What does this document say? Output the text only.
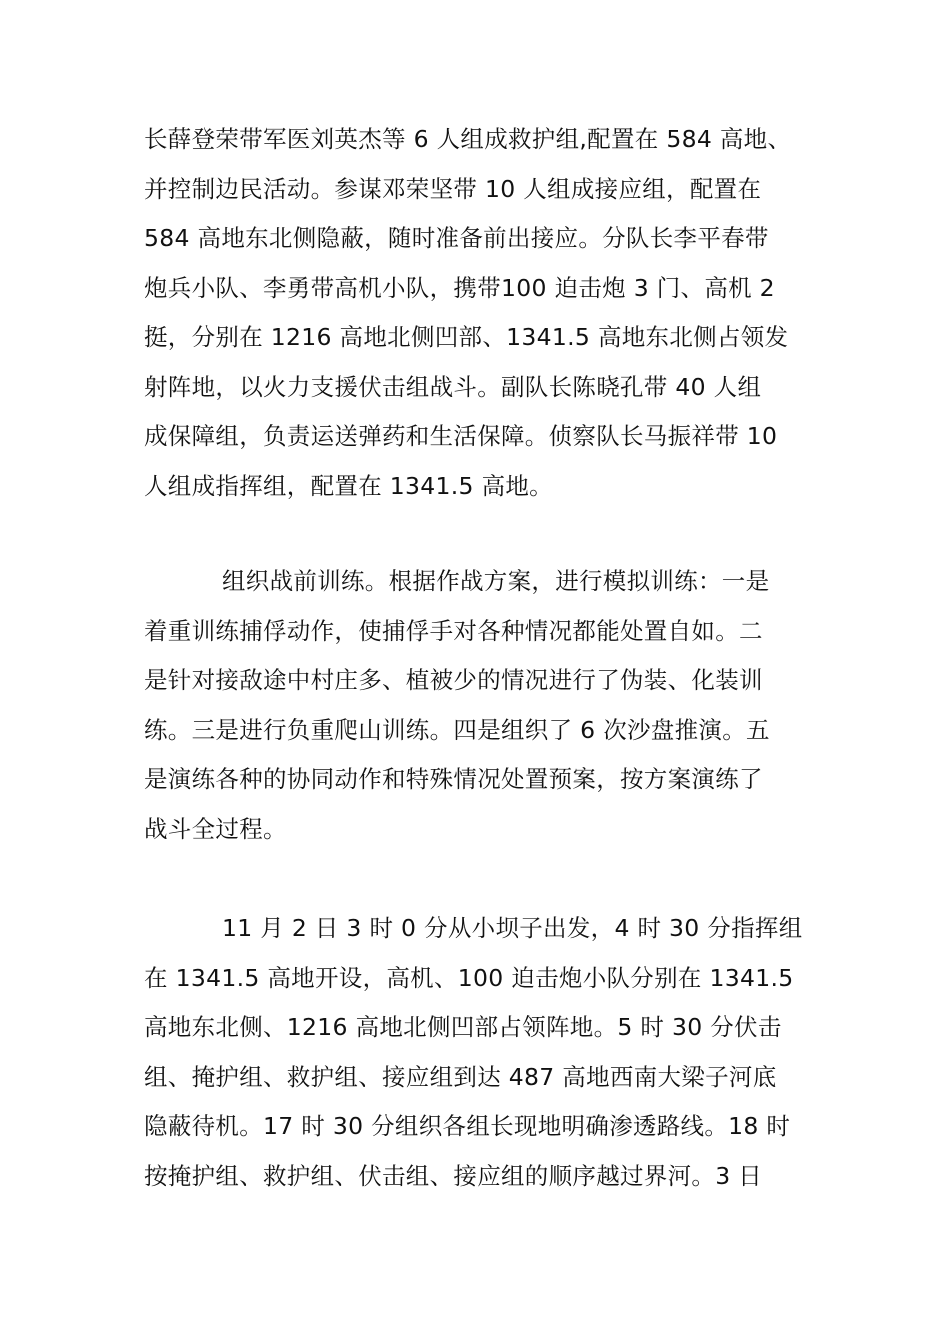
长薛登荣带军医刘英杰等 6 人组成救护组,配置在 584 高地、
并控制边民活动。参谋邓荣坚带 10 人组成接应组，配置在
584 高地东北侧隐蔽，随时准备前出接应。分队长李平春带
炮兵小队、李勇带高机小队，携带100 迫击炮 3 门、高机 2
挺，分别在 1216 高地北侧凹部、1341.5 高地东北侧占领发
射阵地，以火力支援伏击组战斗。副队长陈晓孔带 40 人组
成保障组，负责运送弹药和生活保障。侦察队长马振祥带 10
人组成指挥组，配置在 1341.5 高地。
组织战前训练。根据作战方案，进行模拟训练：一是
着重训练捕俘动作，使捕俘手对各种情况都能处置自如。二
是针对接敌途中村庄多、植被少的情况进行了伪装、化装训
练。三是进行负重爬山训练。四是组织了 6 次沙盘推演。五
是演练各种的协同动作和特殊情况处置预案，按方案演练了
战斗全过程。
11 月 2 日 3 时 0 分从小坝子出发，4 时 30 分指挥组
在 1341.5 高地开设，高机、100 迫击炮小队分别在 1341.5
高地东北侧、1216 高地北侧凹部占领阵地。5 时 30 分伏击
组、掩护组、救护组、接应组到达 487 高地西南大梁子河底
隐蔽待机。17 时 30 分组织各组长现地明确渗透路线。18 时
按掩护组、救护组、伏击组、接应组的顺序越过界河。3 日
